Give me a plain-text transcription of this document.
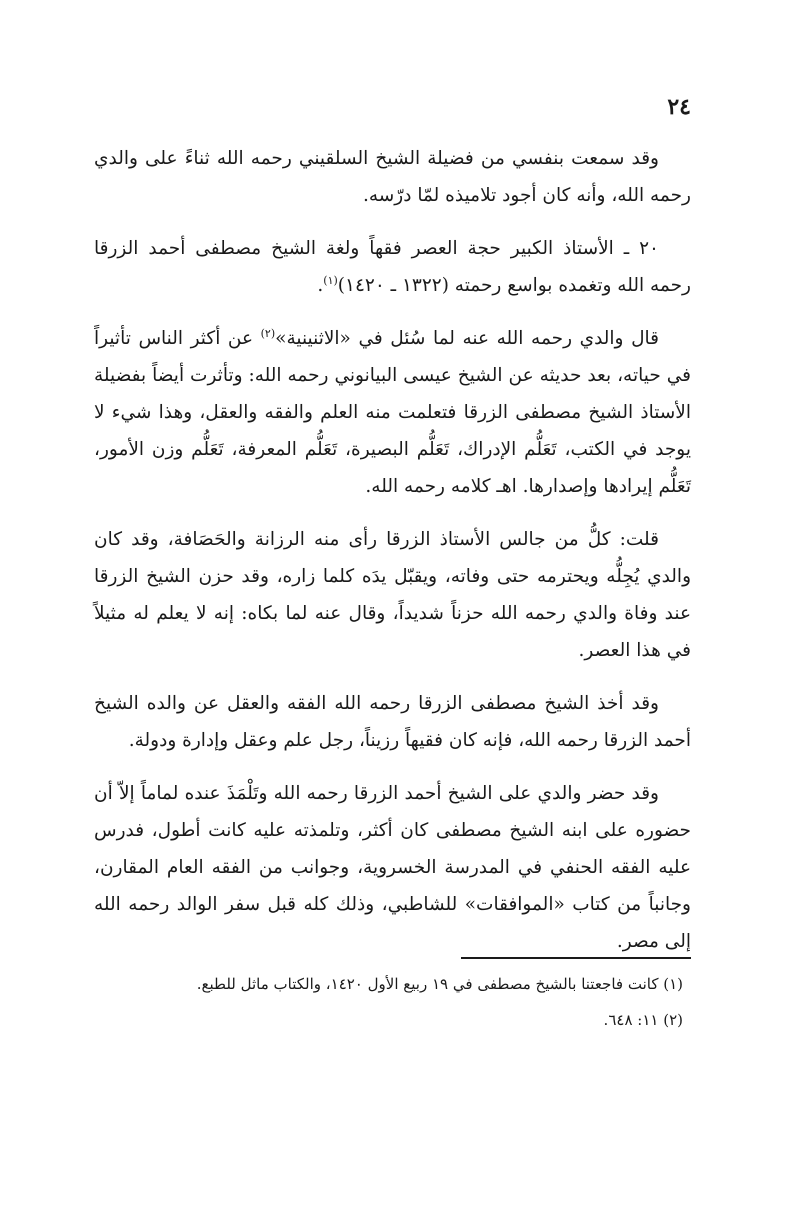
٢٤

وقد سمعت بنفسي من فضيلة الشيخ السلقيني رحمه الله ثناءً على والدي رحمه الله، وأنه كان أجود تلاميذه لمّا درّسه.

٢٠ ـ الأستاذ الكبير حجة العصر فقهاً ولغة الشيخ مصطفى أحمد الزرقا رحمه الله وتغمده بواسع رحمته (١٣٢٢ ـ ١٤٢٠)$^{(١)}$.

قال والدي رحمه الله عنه لما سُئل في «الاثنينية»$^{(٢)}$ عن أكثر الناس تأثيراً في حياته، بعد حديثه عن الشيخ عيسى البيانوني رحمه الله: وتأثرت أيضاً بفضيلة الأستاذ الشيخ مصطفى الزرقا فتعلمت منه العلم والفقه والعقل، وهذا شيء لا يوجد في الكتب، تَعَلُّم الإدراك، تَعَلُّم البصيرة، تَعَلُّم المعرفة، تَعَلُّم وزن الأمور، تَعَلُّم إيرادها وإصدارها. اهـ كلامه رحمه الله.

قلت: كلُّ من جالس الأستاذ الزرقا رأى منه الرزانة والحَصَافة، وقد كان والدي يُجِلُّه ويحترمه حتى وفاته، ويقبّل يدَه كلما زاره، وقد حزن الشيخ الزرقا عند وفاة والدي رحمه الله حزناً شديداً، وقال عنه لما بكاه: إنه لا يعلم له مثيلاً في هذا العصر.

وقد أخذ الشيخ مصطفى الزرقا رحمه الله الفقه والعقل عن والده الشيخ أحمد الزرقا رحمه الله، فإنه كان فقيهاً رزيناً، رجل علم وعقل وإدارة ودولة.

وقد حضر والدي على الشيخ أحمد الزرقا رحمه الله وتَلْمَذَ عنده لماماً إلاّ أن حضوره على ابنه الشيخ مصطفى كان أكثر، وتلمذته عليه كانت أطول، فدرس عليه الفقه الحنفي في المدرسة الخسروية، وجوانب من الفقه العام المقارن، وجانباً من كتاب «الموافقات» للشاطبي، وذلك كله قبل سفر الوالد رحمه الله إلى مصر.

(١) كانت فاجعتنا بالشيخ مصطفى في ١٩ ربيع الأول ١٤٢٠، والكتاب ماثل للطبع.

(٢) ١١: ٦٤٨.
